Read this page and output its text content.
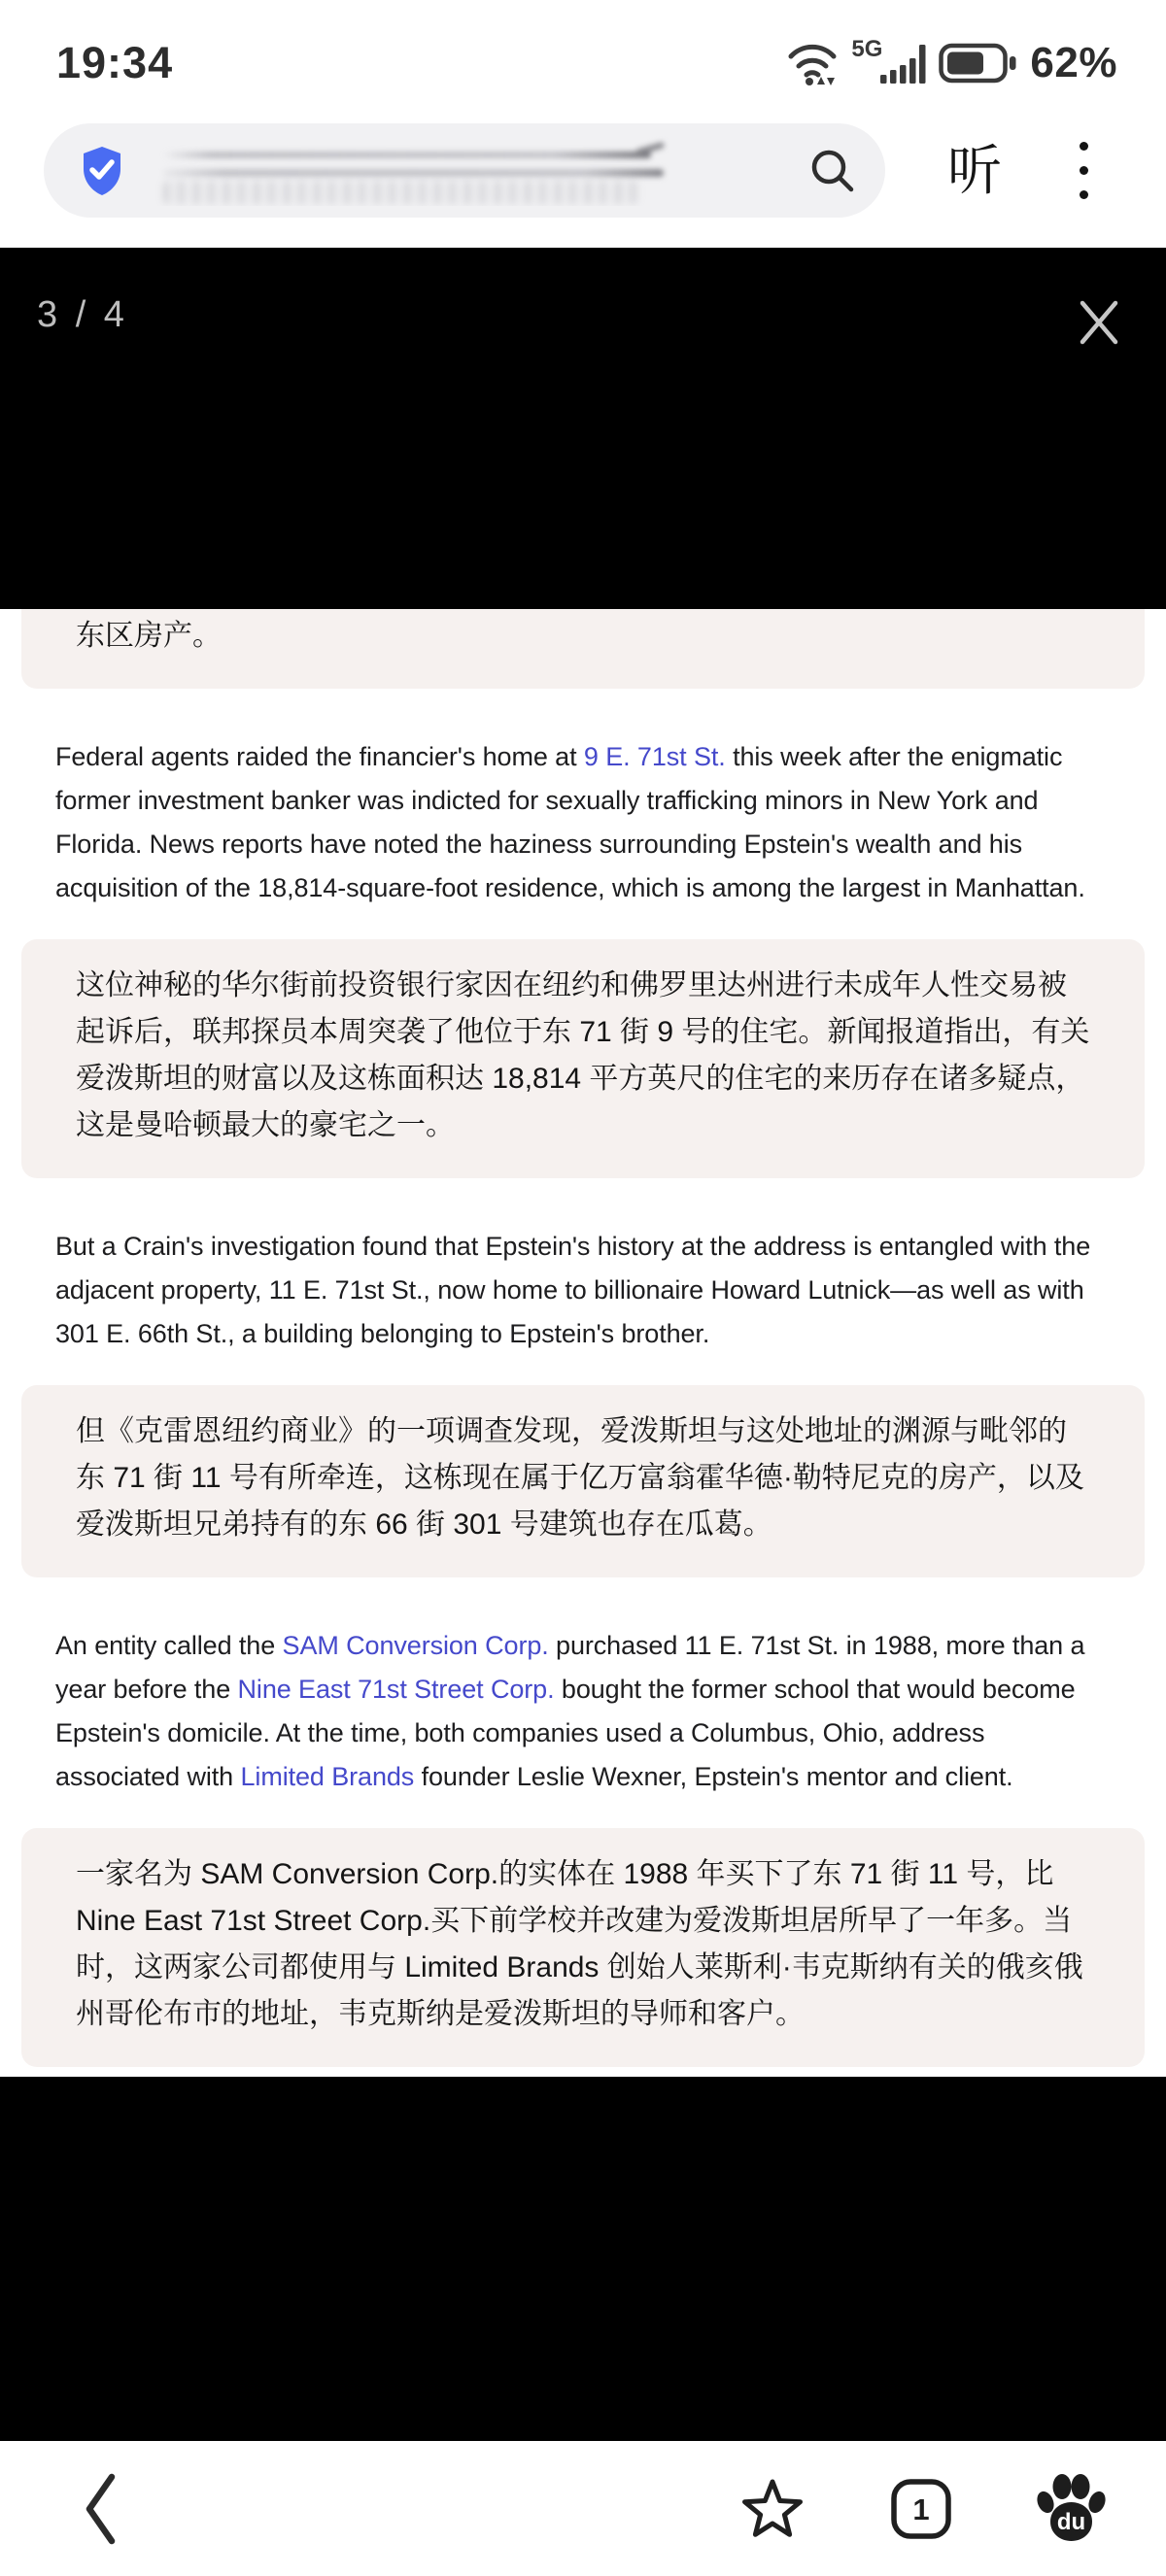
19:34	5G	62%
听
3 / 4
东区房产。

Federal agents raided the financier's home at 9 E. 71st St. this week after the enigmatic former investment banker was indicted for sexually trafficking minors in New York and Florida. News reports have noted the haziness surrounding Epstein's wealth and his acquisition of the 18,814-square-foot residence, which is among the largest in Manhattan.

这位神秘的华尔街前投资银行家因在纽约和佛罗里达州进行未成年人性交易被起诉后，联邦探员本周突袭了他位于东 71 街 9 号的住宅。新闻报道指出，有关爱泼斯坦的财富以及这栋面积达 18,814 平方英尺的住宅的来历存在诸多疑点，这是曼哈顿最大的豪宅之一。

But a Crain's investigation found that Epstein's history at the address is entangled with the adjacent property, 11 E. 71st St., now home to billionaire Howard Lutnick—as well as with 301 E. 66th St., a building belonging to Epstein's brother.

但《克雷恩纽约商业》的一项调查发现，爱泼斯坦与这处地址的渊源与毗邻的东 71 街 11 号有所牵连，这栋现在属于亿万富翁霍华德·勒特尼克的房产，以及爱泼斯坦兄弟持有的东 66 街 301 号建筑也存在瓜葛。

An entity called the SAM Conversion Corp. purchased 11 E. 71st St. in 1988, more than a year before the Nine East 71st Street Corp. bought the former school that would become Epstein's domicile. At the time, both companies used a Columbus, Ohio, address associated with Limited Brands founder Leslie Wexner, Epstein's mentor and client.

一家名为 SAM Conversion Corp.的实体在 1988 年买下了东 71 街 11 号，比 Nine East 71st Street Corp.买下前学校并改建为爱泼斯坦居所早了一年多。当时，这两家公司都使用与 Limited Brands 创始人莱斯利·韦克斯纳有关的俄亥俄州哥伦布市的地址，韦克斯纳是爱泼斯坦的导师和客户。

1	du
